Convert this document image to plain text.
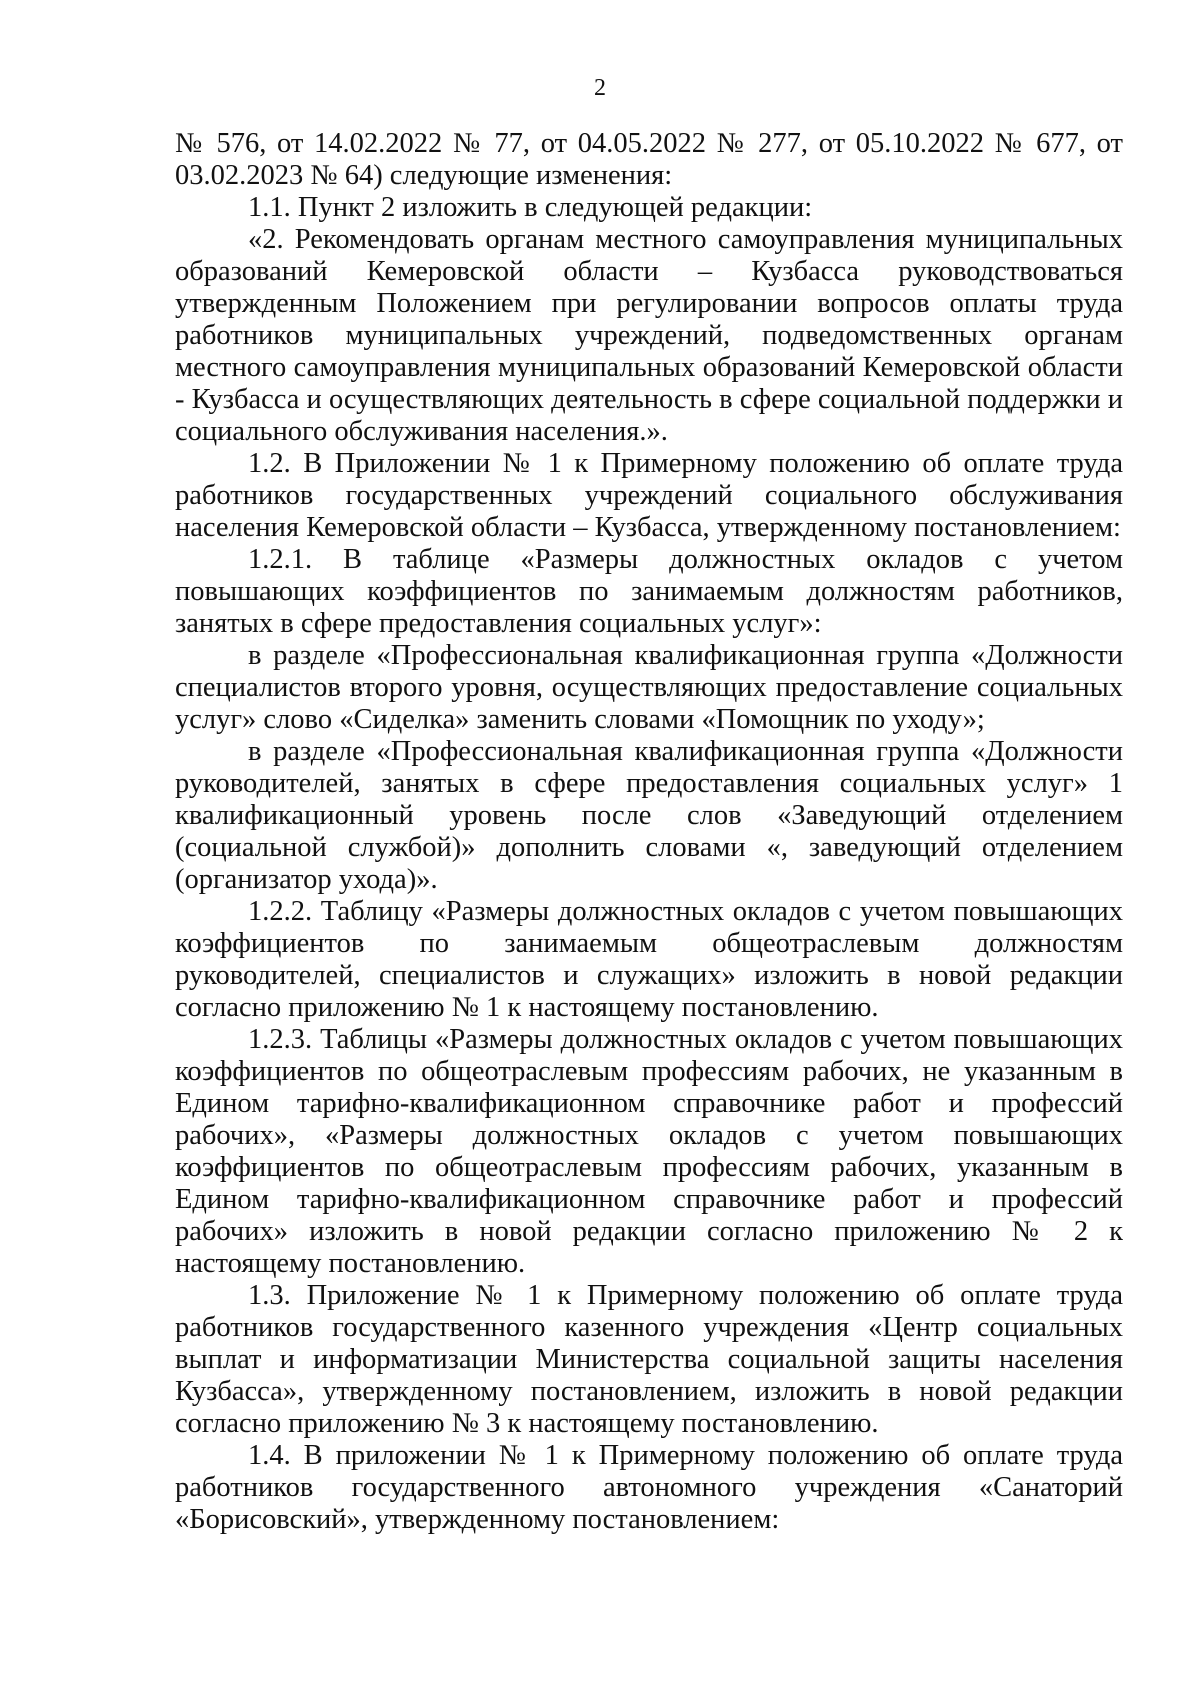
2

№ 576, от 14.02.2022 № 77, от 04.05.2022 № 277, от 05.10.2022 № 677, от 03.02.2023 № 64) следующие изменения:

1.1. Пункт 2 изложить в следующей редакции:

«2. Рекомендовать органам местного самоуправления муниципальных образований Кемеровской области – Кузбасса руководствоваться утвержденным Положением при регулировании вопросов оплаты труда работников муниципальных учреждений, подведомственных органам местного самоуправления муниципальных образований Кемеровской области - Кузбасса и осуществляющих деятельность в сфере социальной поддержки и социального обслуживания населения.».

1.2. В Приложении № 1 к Примерному положению об оплате труда работников государственных учреждений социального обслуживания населения Кемеровской области – Кузбасса, утвержденному постановлением:

1.2.1. В таблице «Размеры должностных окладов с учетом повышающих коэффициентов по занимаемым должностям работников, занятых в сфере предоставления социальных услуг»:

в разделе «Профессиональная квалификационная группа «Должности специалистов второго уровня, осуществляющих предоставление социальных услуг» слово «Сиделка» заменить словами «Помощник по уходу»;

в разделе «Профессиональная квалификационная группа «Должности руководителей, занятых в сфере предоставления социальных услуг» 1 квалификационный уровень после слов «Заведующий отделением (социальной службой)» дополнить словами «, заведующий отделением (организатор ухода)».

1.2.2. Таблицу «Размеры должностных окладов с учетом повышающих коэффициентов по занимаемым общеотраслевым должностям руководителей, специалистов и служащих» изложить в новой редакции согласно приложению № 1 к настоящему постановлению.

1.2.3. Таблицы «Размеры должностных окладов с учетом повышающих коэффициентов по общеотраслевым профессиям рабочих, не указанным в Едином тарифно-квалификационном справочнике работ и профессий рабочих», «Размеры должностных окладов с учетом повышающих коэффициентов по общеотраслевым профессиям рабочих, указанным в Едином тарифно-квалификационном справочнике работ и профессий рабочих» изложить в новой редакции согласно приложению № 2 к настоящему постановлению.

1.3. Приложение № 1 к Примерному положению об оплате труда работников государственного казенного учреждения «Центр социальных выплат и информатизации Министерства социальной защиты населения Кузбасса», утвержденному постановлением, изложить в новой редакции согласно приложению № 3 к настоящему постановлению.

1.4. В приложении № 1 к Примерному положению об оплате труда работников государственного автономного учреждения «Санаторий «Борисовский», утвержденному постановлением:
